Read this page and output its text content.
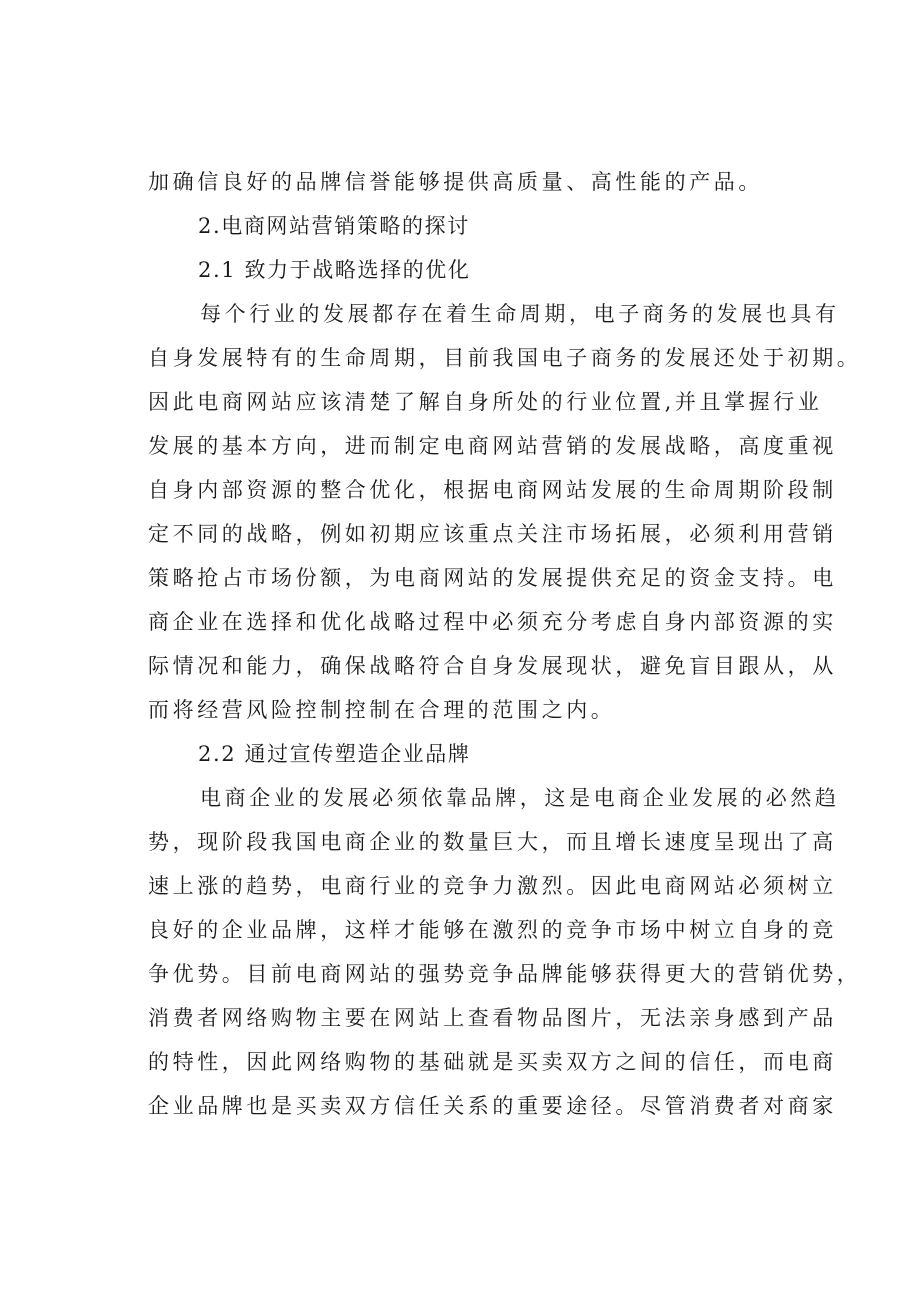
加确信良好的品牌信誉能够提供高质量、高性能的产品。
2.电商网站营销策略的探讨
2.1 致力于战略选择的优化
每个行业的发展都存在着生命周期，电子商务的发展也具有
自身发展特有的生命周期，目前我国电子商务的发展还处于初期。
因此电商网站应该清楚了解自身所处的行业位置,并且掌握行业
发展的基本方向，进而制定电商网站营销的发展战略，高度重视
自身内部资源的整合优化，根据电商网站发展的生命周期阶段制
定不同的战略，例如初期应该重点关注市场拓展，必须利用营销
策略抢占市场份额，为电商网站的发展提供充足的资金支持。电
商企业在选择和优化战略过程中必须充分考虑自身内部资源的实
际情况和能力，确保战略符合自身发展现状，避免盲目跟从，从
而将经营风险控制控制在合理的范围之内。
2.2 通过宣传塑造企业品牌
电商企业的发展必须依靠品牌，这是电商企业发展的必然趋
势，现阶段我国电商企业的数量巨大，而且增长速度呈现出了高
速上涨的趋势，电商行业的竞争力激烈。因此电商网站必须树立
良好的企业品牌，这样才能够在激烈的竞争市场中树立自身的竞
争优势。目前电商网站的强势竞争品牌能够获得更大的营销优势，
消费者网络购物主要在网站上查看物品图片，无法亲身感到产品
的特性，因此网络购物的基础就是买卖双方之间的信任，而电商
企业品牌也是买卖双方信任关系的重要途径。尽管消费者对商家
